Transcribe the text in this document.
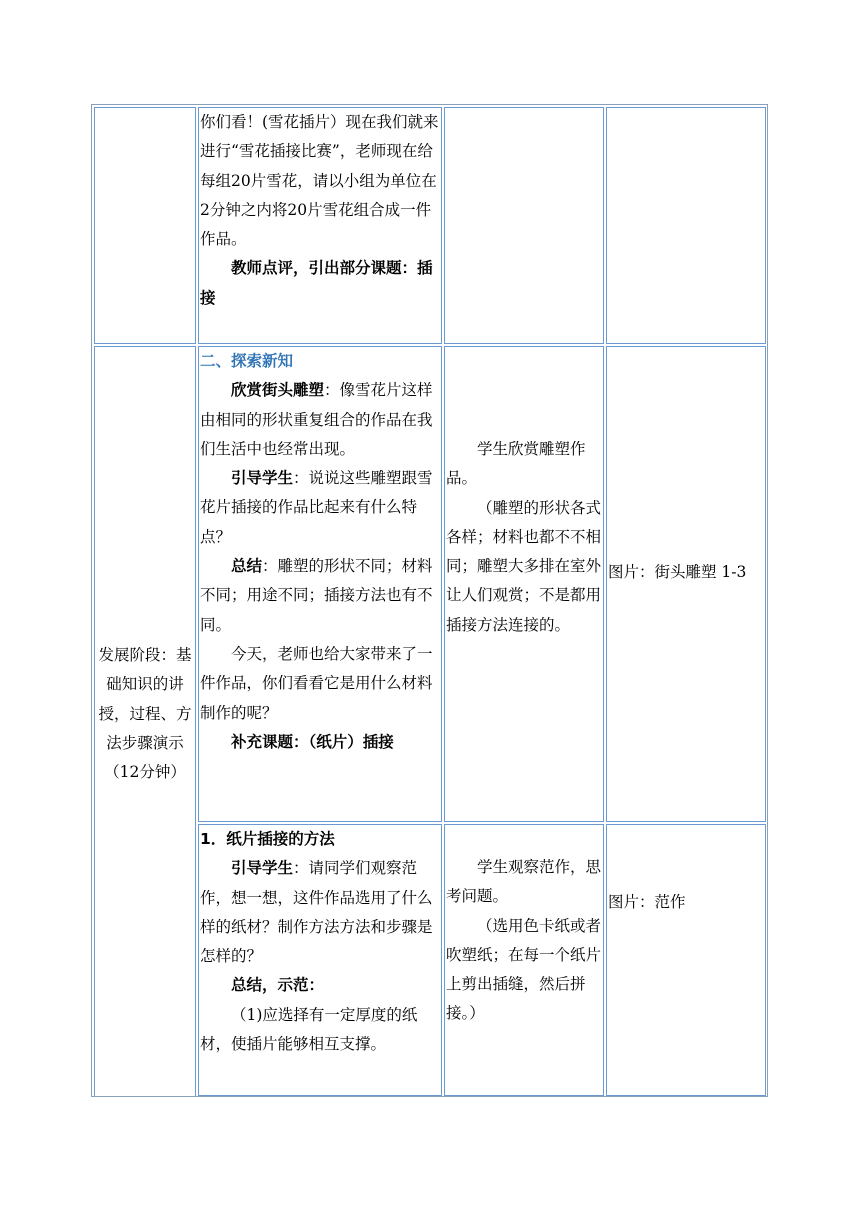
你们看！(雪花插片）现在我们就来进行“雪花插接比赛”，老师现在给每组20片雪花，请以小组为单位在2分钟之内将20片雪花组合成一件作品。

教师点评，引出部分课题：插接

发展阶段：基
础知识的讲
授，过程、方
法步骤演示
（12分钟）

二、探索新知

欣赏街头雕塑：像雪花片这样由相同的形状重复组合的作品在我们生活中也经常出现。

引导学生：说说这些雕塑跟雪花片插接的作品比起来有什么特点？

总结：雕塑的形状不同；材料不同；用途不同；插接方法也有不同。

今天，老师也给大家带来了一件作品，你们看看它是用什么材料制作的呢？

补充课题：（纸片）插接

学生欣赏雕塑作品。

（雕塑的形状各式各样；材料也都不不相同；雕塑大多排在室外让人们观赏；不是都用插接方法连接的。

图片：街头雕塑 1-3

1．纸片插接的方法

引导学生：请同学们观察范作，想一想，这件作品选用了什么样的纸材？制作方法方法和步骤是怎样的？

总结，示范：

（1)应选择有一定厚度的纸材，使插片能够相互支撑。

学生观察范作，思考问题。

（选用色卡纸或者吹塑纸；在每一个纸片上剪出插缝，然后拼接。）

图片：范作
